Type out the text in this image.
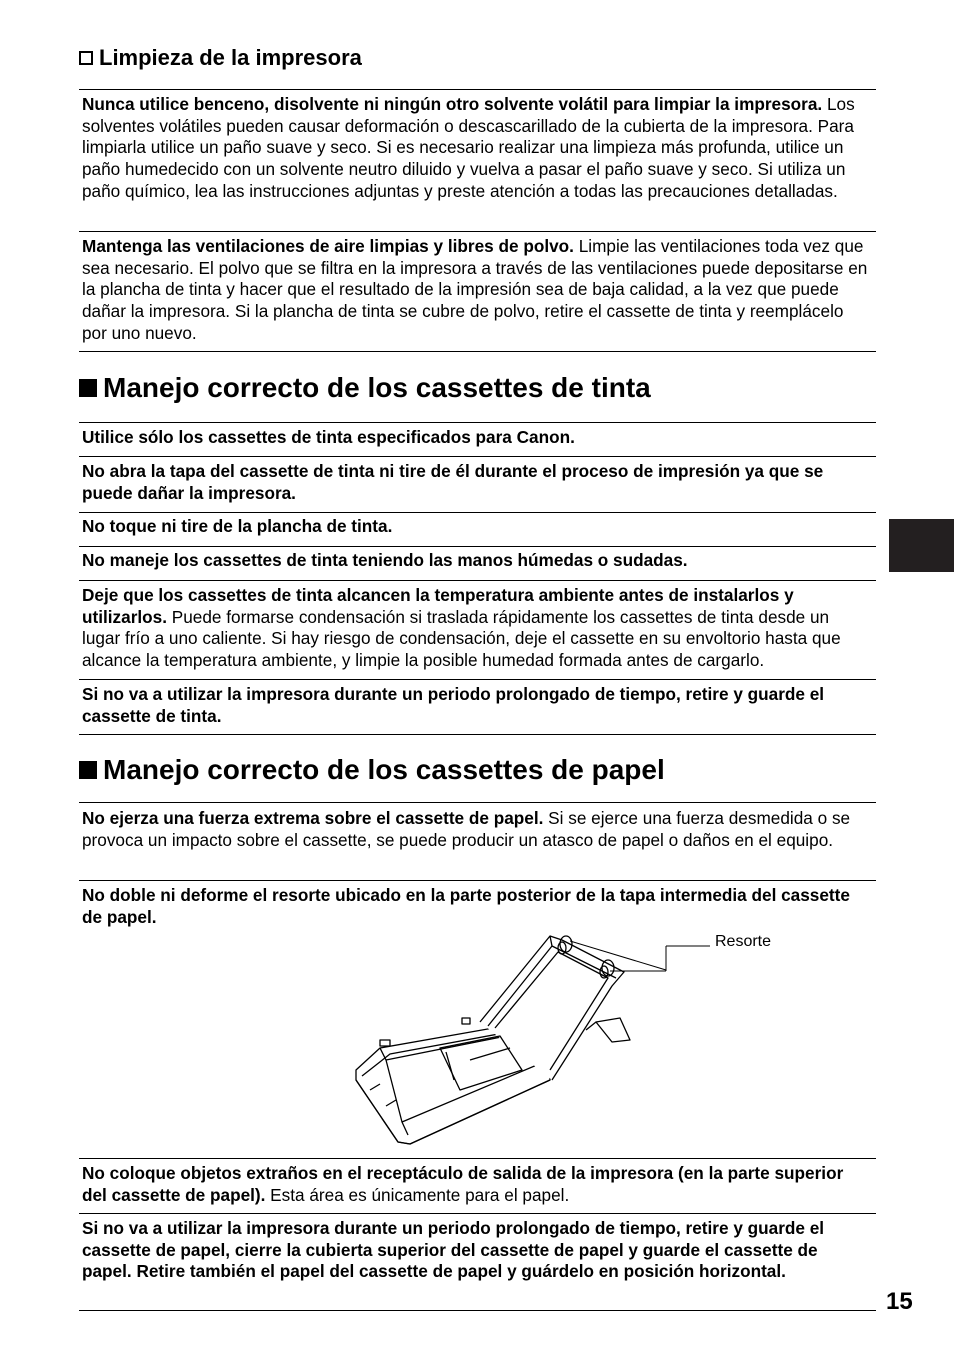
Limpieza de la impresora
Nunca utilice benceno, disolvente ni ningún otro solvente volátil para limpiar la impresora. Los solventes volátiles pueden causar deformación o descascarillado de la cubierta de la impresora. Para limpiarla utilice un paño suave y seco. Si es necesario realizar una limpieza más profunda, utilice un paño humedecido con un solvente neutro diluido y vuelva a pasar el paño suave y seco. Si utiliza un paño químico, lea las instrucciones adjuntas y preste atención a todas las precauciones detalladas.
Mantenga las ventilaciones de aire limpias y libres de polvo. Limpie las ventilaciones toda vez que sea necesario. El polvo que se filtra en la impresora a través de las ventilaciones puede depositarse en la plancha de tinta y hacer que el resultado de la impresión sea de baja calidad, a la vez que puede dañar la impresora. Si la plancha de tinta se cubre de polvo, retire el cassette de tinta y reemplácelo por uno nuevo.
Manejo correcto de los cassettes de tinta
Utilice sólo los cassettes de tinta especificados para Canon.
No abra la tapa del cassette de tinta ni tire de él durante el proceso de impresión ya que se puede dañar la impresora.
No toque ni tire de la plancha de tinta.
No maneje los cassettes de tinta teniendo las manos húmedas o sudadas.
Deje que los cassettes de tinta alcancen la temperatura ambiente antes de instalarlos y utilizarlos. Puede formarse condensación si traslada rápidamente los cassettes de tinta desde un lugar frío a uno caliente. Si hay riesgo de condensación, deje el cassette en su envoltorio hasta que alcance la temperatura ambiente, y limpie la posible humedad formada antes de cargarlo.
Si no va a utilizar la impresora durante un periodo prolongado de tiempo, retire y guarde el cassette de tinta.
Manejo correcto de los cassettes de papel
No ejerza una fuerza extrema sobre el cassette de papel. Si se ejerce una fuerza desmedida o se provoca un impacto sobre el cassette, se puede producir un atasco de papel o daños en el equipo.
No doble ni deforme el resorte ubicado en la parte posterior de la tapa intermedia del cassette de papel.
Resorte
No coloque objetos extraños en el receptáculo de salida de la impresora (en la parte superior del cassette de papel). Esta área es únicamente para el papel.
Si no va a utilizar la impresora durante un periodo prolongado de tiempo, retire y guarde el cassette de papel, cierre la cubierta superior del cassette de papel y guarde el cassette de papel. Retire también el papel del cassette de papel y guárdelo en posición horizontal.
15
